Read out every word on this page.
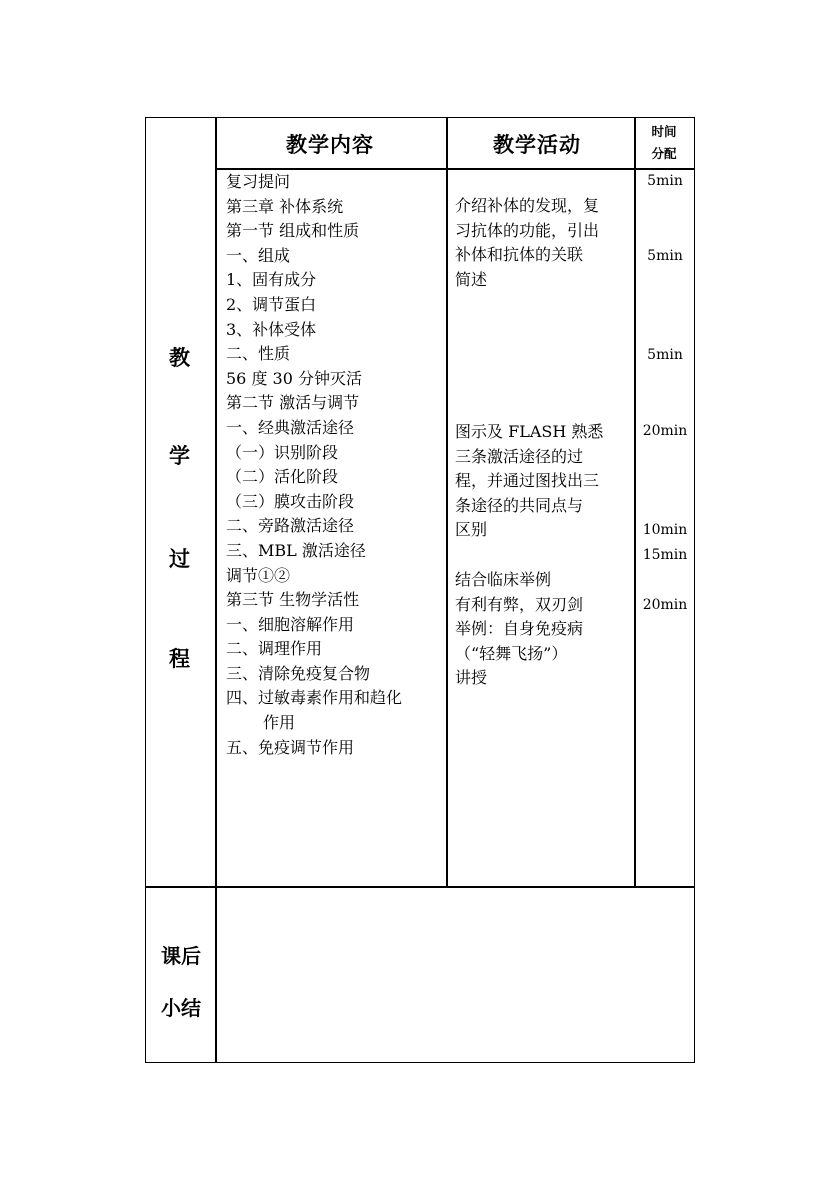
教学内容	教学活动
时间
分配
教
学
过
程
复习提问
第三章 补体系统
第一节 组成和性质
一、组成
1、固有成分
2、调节蛋白
3、补体受体
二、性质
56 度 30 分钟灭活
第二节 激活与调节
一、经典激活途径
（一）识别阶段
（二）活化阶段
（三）膜攻击阶段
二、旁路激活途径
三、MBL 激活途径
调节①②
第三节 生物学活性
一、细胞溶解作用
二、调理作用
三、清除免疫复合物
四、过敏毒素作用和趋化
作用
五、免疫调节作用
介绍补体的发现，复
习抗体的功能，引出
补体和抗体的关联
简述
图示及 FLASH 熟悉
三条激活途径的过
程，并通过图找出三
条途径的共同点与
区别
结合临床举例
有利有弊，双刃剑
举例：自身免疫病
（“轻舞飞扬”）
讲授
5min
5min
5min
20min
10min
15min
20min
课后
小结
